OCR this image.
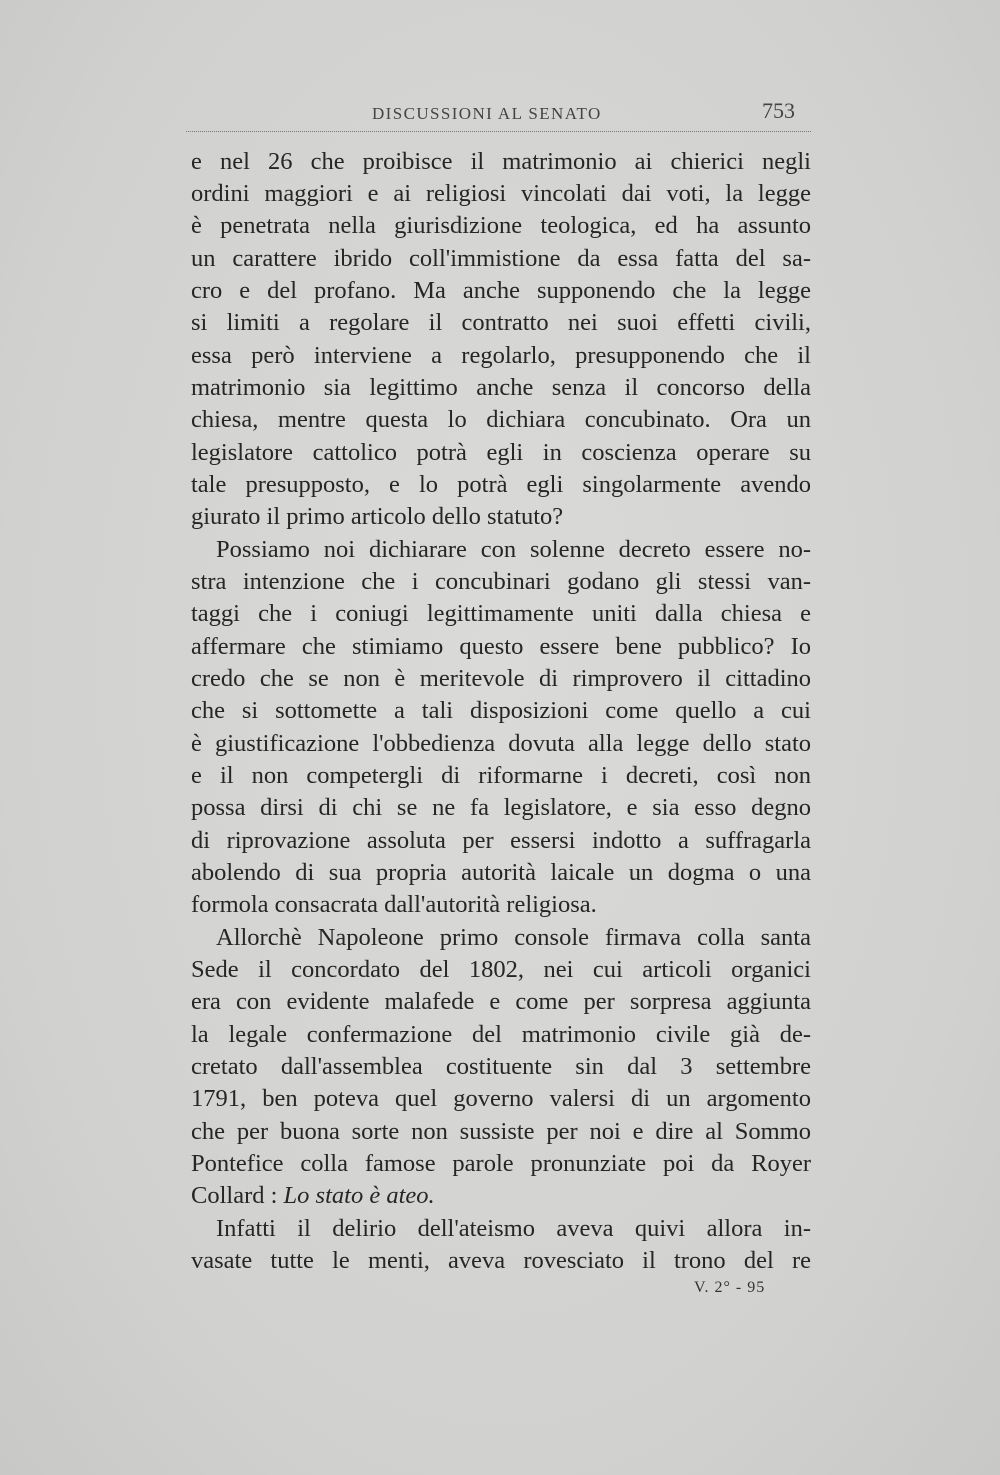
DISCUSSIONI AL SENATO	753
e nel 26 che proibisce il matrimonio ai chierici negli
ordini maggiori e ai religiosi vincolati dai voti, la legge
è penetrata nella giurisdizione teologica, ed ha assunto
un carattere ibrido coll'immistione da essa fatta del sa-
cro e del profano. Ma anche supponendo che la legge
si limiti a regolare il contratto nei suoi effetti civili,
essa però interviene a regolarlo, presupponendo che il
matrimonio sia legittimo anche senza il concorso della
chiesa, mentre questa lo dichiara concubinato. Ora un
legislatore cattolico potrà egli in coscienza operare su
tale presupposto, e lo potrà egli singolarmente avendo
giurato il primo articolo dello statuto?
Possiamo noi dichiarare con solenne decreto essere no-
stra intenzione che i concubinari godano gli stessi van-
taggi che i coniugi legittimamente uniti dalla chiesa e
affermare che stimiamo questo essere bene pubblico? Io
credo che se non è meritevole di rimprovero il cittadino
che si sottomette a tali disposizioni come quello a cui
è giustificazione l'obbedienza dovuta alla legge dello stato
e il non competergli di riformarne i decreti, così non
possa dirsi di chi se ne fa legislatore, e sia esso degno
di riprovazione assoluta per essersi indotto a suffragarla
abolendo di sua propria autorità laicale un dogma o una
formola consacrata dall'autorità religiosa.
Allorchè Napoleone primo console firmava colla santa
Sede il concordato del 1802, nei cui articoli organici
era con evidente malafede e come per sorpresa aggiunta
la legale confermazione del matrimonio civile già de-
cretato dall'assemblea costituente sin dal 3 settembre
1791, ben poteva quel governo valersi di un argomento
che per buona sorte non sussiste per noi e dire al Sommo
Pontefice colla famose parole pronunziate poi da Royer
Collard : Lo stato è ateo.
Infatti il delirio dell'ateismo aveva quivi allora in-
vasate tutte le menti, aveva rovesciato il trono del re
V. 2° - 95
